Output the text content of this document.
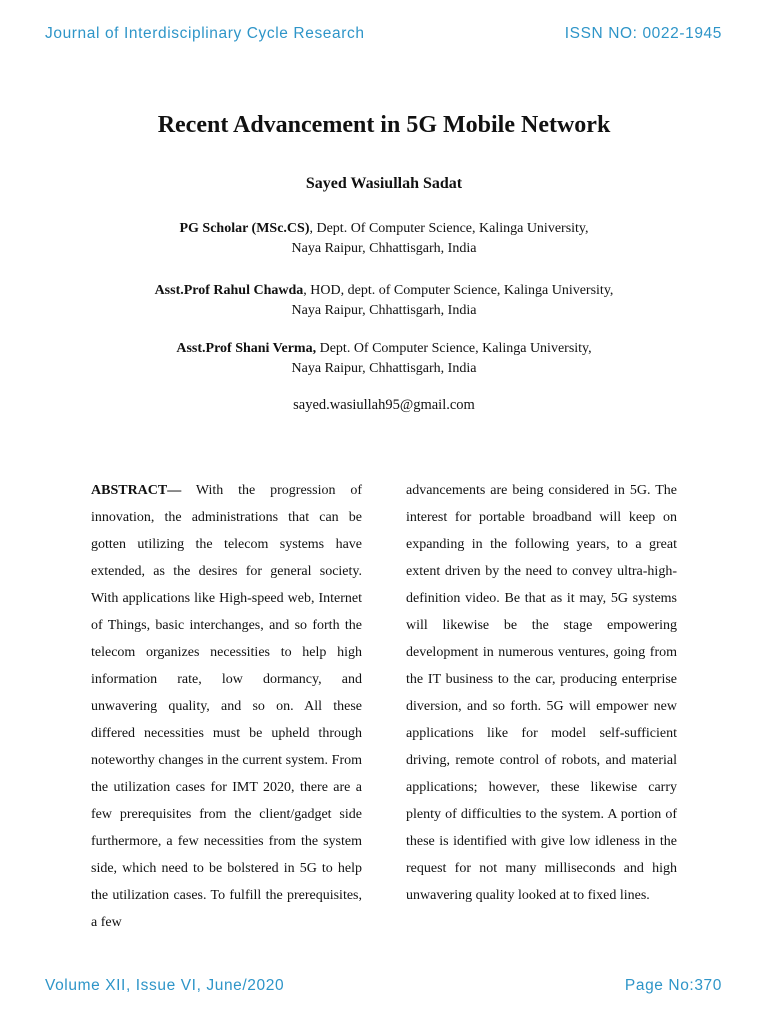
Journal of Interdisciplinary Cycle Research	ISSN NO: 0022-1945
Recent Advancement in 5G Mobile Network
Sayed Wasiullah Sadat
PG Scholar (MSc.CS), Dept. Of Computer Science, Kalinga University,
Naya Raipur, Chhattisgarh, India
Asst.Prof Rahul Chawda, HOD, dept. of Computer Science, Kalinga University,
Naya Raipur, Chhattisgarh, India
Asst.Prof Shani Verma, Dept. Of Computer Science, Kalinga University,
Naya Raipur, Chhattisgarh, India
sayed.wasiullah95@gmail.com
ABSTRACT— With the progression of innovation, the administrations that can be gotten utilizing the telecom systems have extended, as the desires for general society. With applications like High-speed web, Internet of Things, basic interchanges, and so forth the telecom organizes necessities to help high information rate, low dormancy, and unwavering quality, and so on. All these differed necessities must be upheld through noteworthy changes in the current system. From the utilization cases for IMT 2020, there are a few prerequisites from the client/gadget side furthermore, a few necessities from the system side, which need to be bolstered in 5G to help the utilization cases. To fulfill the prerequisites, a few
advancements are being considered in 5G. The interest for portable broadband will keep on expanding in the following years, to a great extent driven by the need to convey ultra-high-definition video. Be that as it may, 5G systems will likewise be the stage empowering development in numerous ventures, going from the IT business to the car, producing enterprise diversion, and so forth. 5G will empower new applications like for model self-sufficient driving, remote control of robots, and material applications; however, these likewise carry plenty of difficulties to the system. A portion of these is identified with give low idleness in the request for not many milliseconds and high unwavering quality looked at to fixed lines.
Volume XII, Issue VI, June/2020	Page No:370
